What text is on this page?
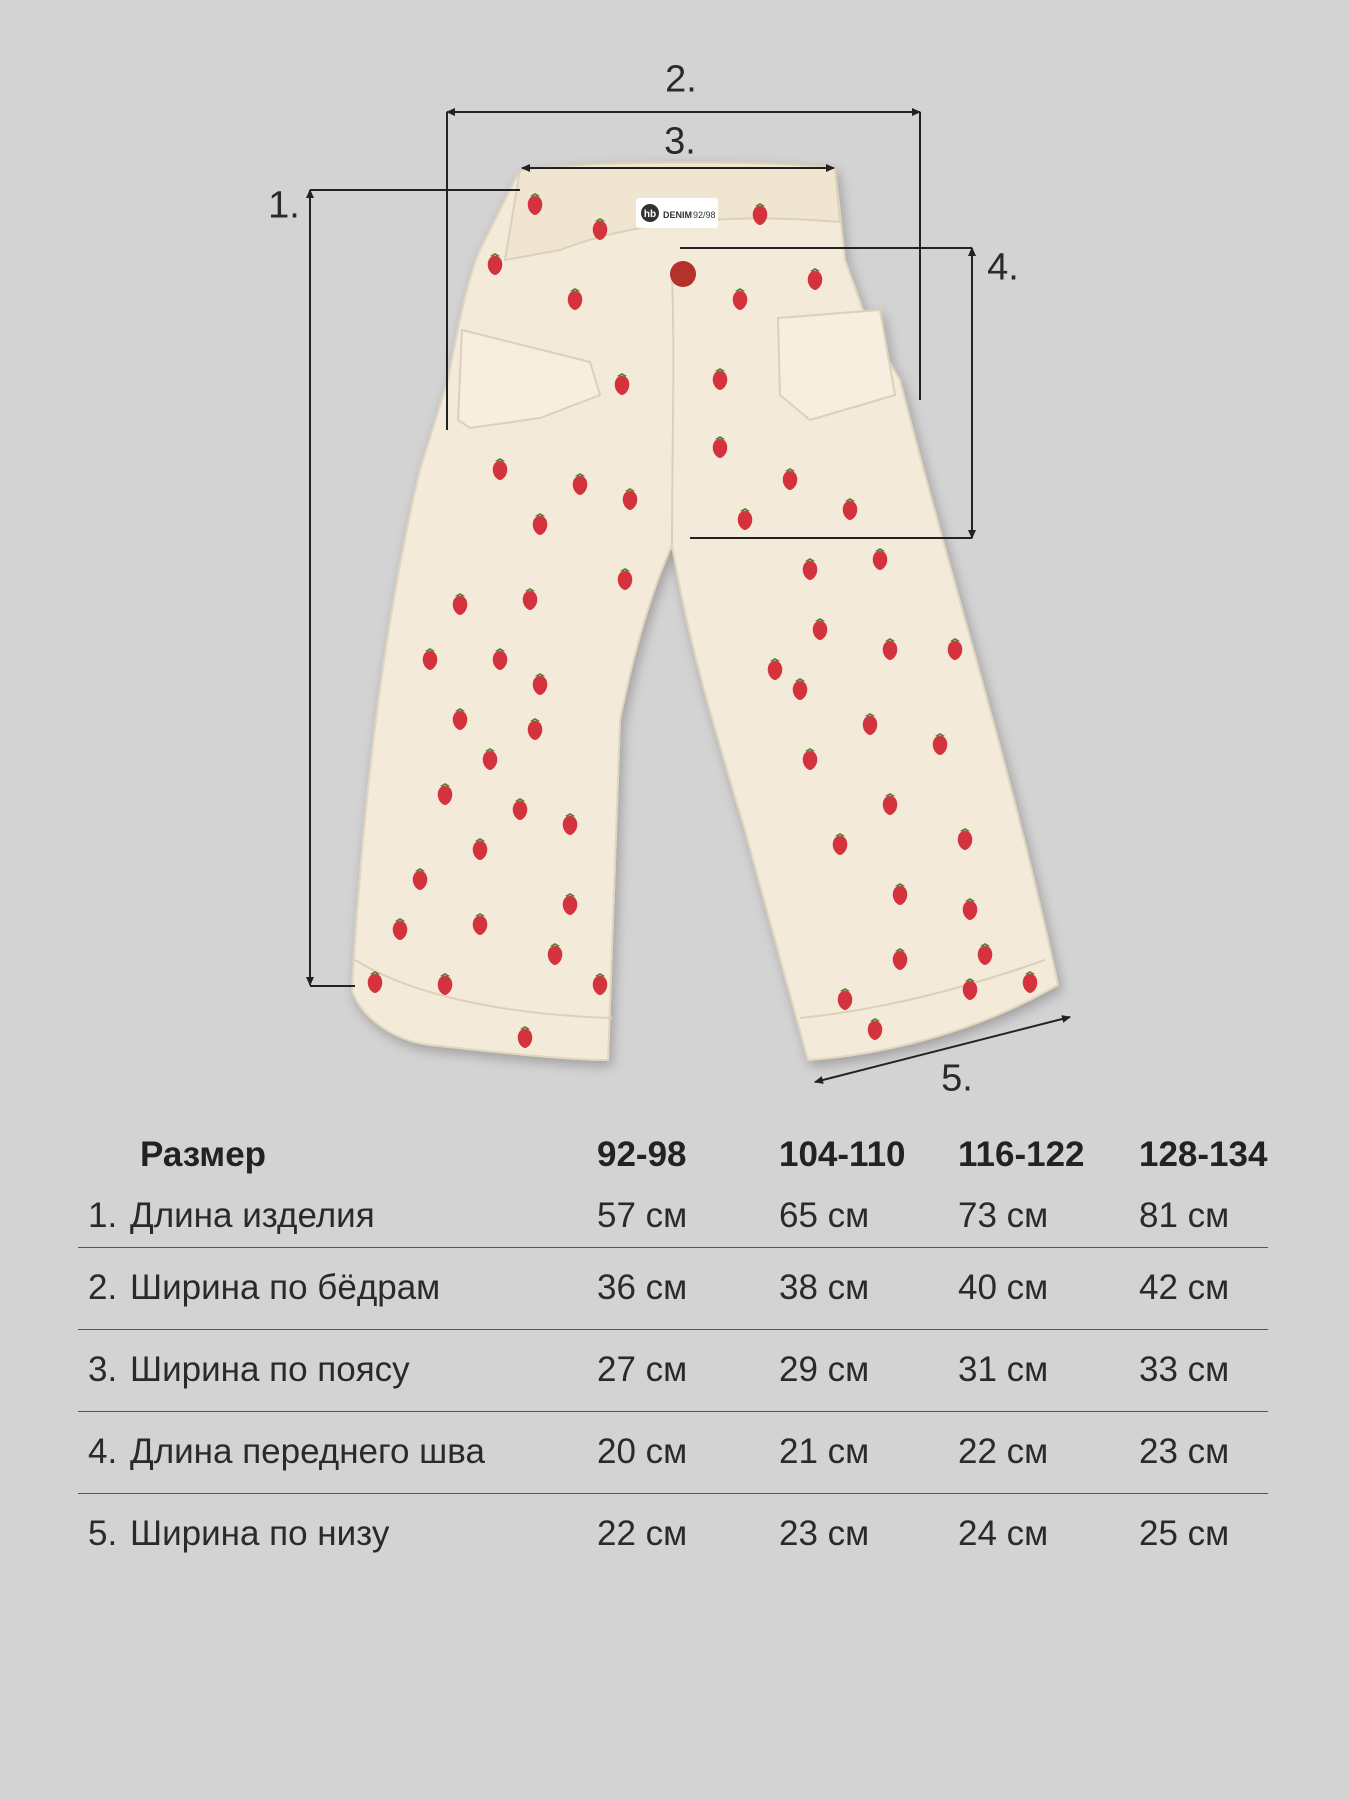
hb DENIM 92/98
1.
2.
3.
4.
5.
Размер	92-98	104-110	116-122	128-134
1. Длина изделия	57 см	65 см	73 см	81 см
2. Ширина по бёдрам	36 см	38 см	40 см	42 см
3. Ширина по поясу	27 см	29 см	31 см	33 см
4. Длина переднего шва	20 см	21 см	22 см	23 см
5. Ширина по низу	22 см	23 см	24 см	25 см
